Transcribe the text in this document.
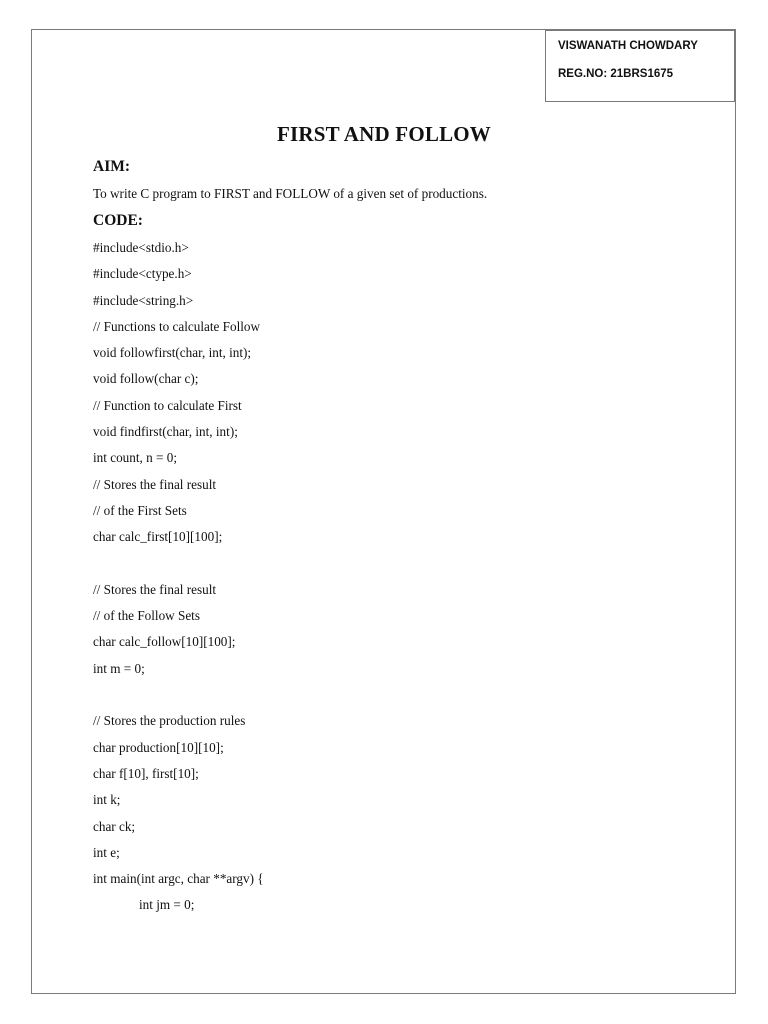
VISWANATH CHOWDARY
REG.NO: 21BRS1675
FIRST AND FOLLOW
AIM:
To write C program to FIRST and FOLLOW of a given set of productions.
CODE:
#include<stdio.h>
#include<ctype.h>
#include<string.h>
// Functions to calculate Follow
void followfirst(char, int, int);
void follow(char c);
// Function to calculate First
void findfirst(char, int, int);
int count, n = 0;
// Stores the final result
// of the First Sets
char calc_first[10][100];
// Stores the final result
// of the Follow Sets
char calc_follow[10][100];
int m = 0;
// Stores the production rules
char production[10][10];
char f[10], first[10];
int k;
char ck;
int e;
int main(int argc, char **argv) {
int jm = 0;
